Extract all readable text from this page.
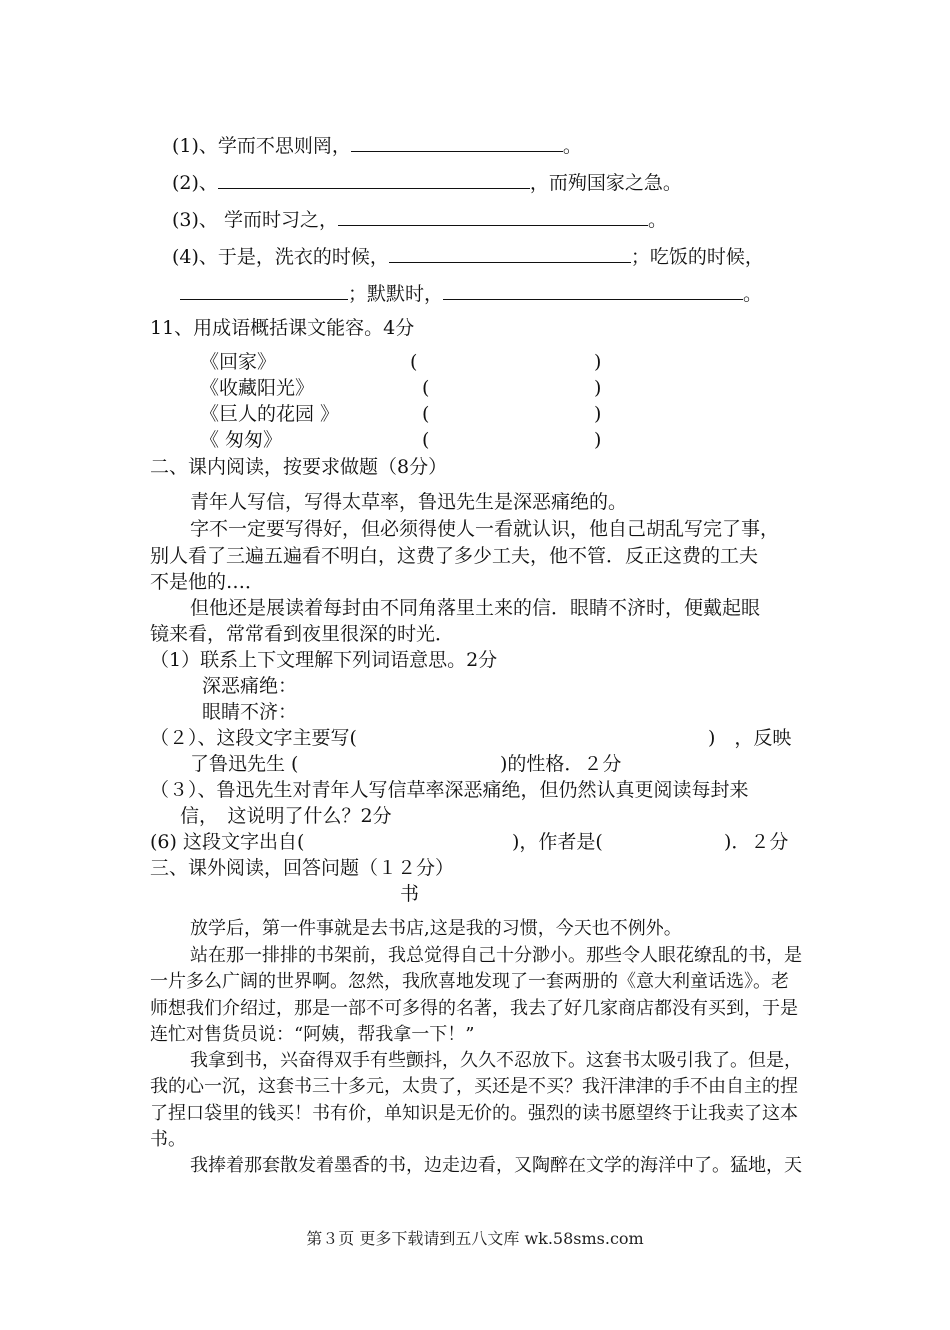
(1)、学而不思则罔，	。
(2)、	，而殉国家之急。
(3)、 学而时习之，	。
(4)、于是，洗衣的时候，	；吃饭的时候，
；默默时，	。
11、用成语概括课文能容。4分
《回家》	(	)
《收藏阳光》	(	)
《巨人的花园 》	(	)
《 匆匆》	(	)
二、课内阅读，按要求做题（8分）
青年人写信，写得太草率，鲁迅先生是深恶痛绝的。
字不一定要写得好，但必须得使人一看就认识，他自己胡乱写完了事，
别人看了三遍五遍看不明白，这费了多少工夫，他不管．反正这费的工夫
不是他的…．
但他还是展读着每封由不同角落里土来的信．眼睛不济时，便戴起眼
镜来看，常常看到夜里很深的时光．
（1）联系上下文理解下列词语意思。2分
深恶痛绝：
眼睛不济：
（２）、这段文字主要写(	)　，反映
了鲁迅先生 (	)的性格．２分
（３）、鲁迅先生对青年人写信草率深恶痛绝，但仍然认真更阅读每封来
信，　这说明了什么？2分
(6) 这段文字出自(	)，作者是(	)．２分
三、课外阅读，回答问题（１２分）
书
放学后，第一件事就是去书店,这是我的习惯，今天也不例外。
站在那一排排的书架前，我总觉得自己十分渺小。那些令人眼花缭乱的书，是
一片多么广阔的世界啊。忽然，我欣喜地发现了一套两册的《意大利童话选》。老
师想我们介绍过，那是一部不可多得的名著，我去了好几家商店都没有买到，于是
连忙对售货员说：“阿姨，帮我拿一下！”
我拿到书，兴奋得双手有些颤抖，久久不忍放下。这套书太吸引我了。但是，
我的心一沉，这套书三十多元，太贵了，买还是不买？我汗津津的手不由自主的捏
了捏口袋里的钱买！书有价，单知识是无价的。强烈的读书愿望终于让我卖了这本
书。
我捧着那套散发着墨香的书，边走边看，又陶醉在文学的海洋中了。猛地，天
第３页 更多下载请到五八文库 wk.58sms.com
